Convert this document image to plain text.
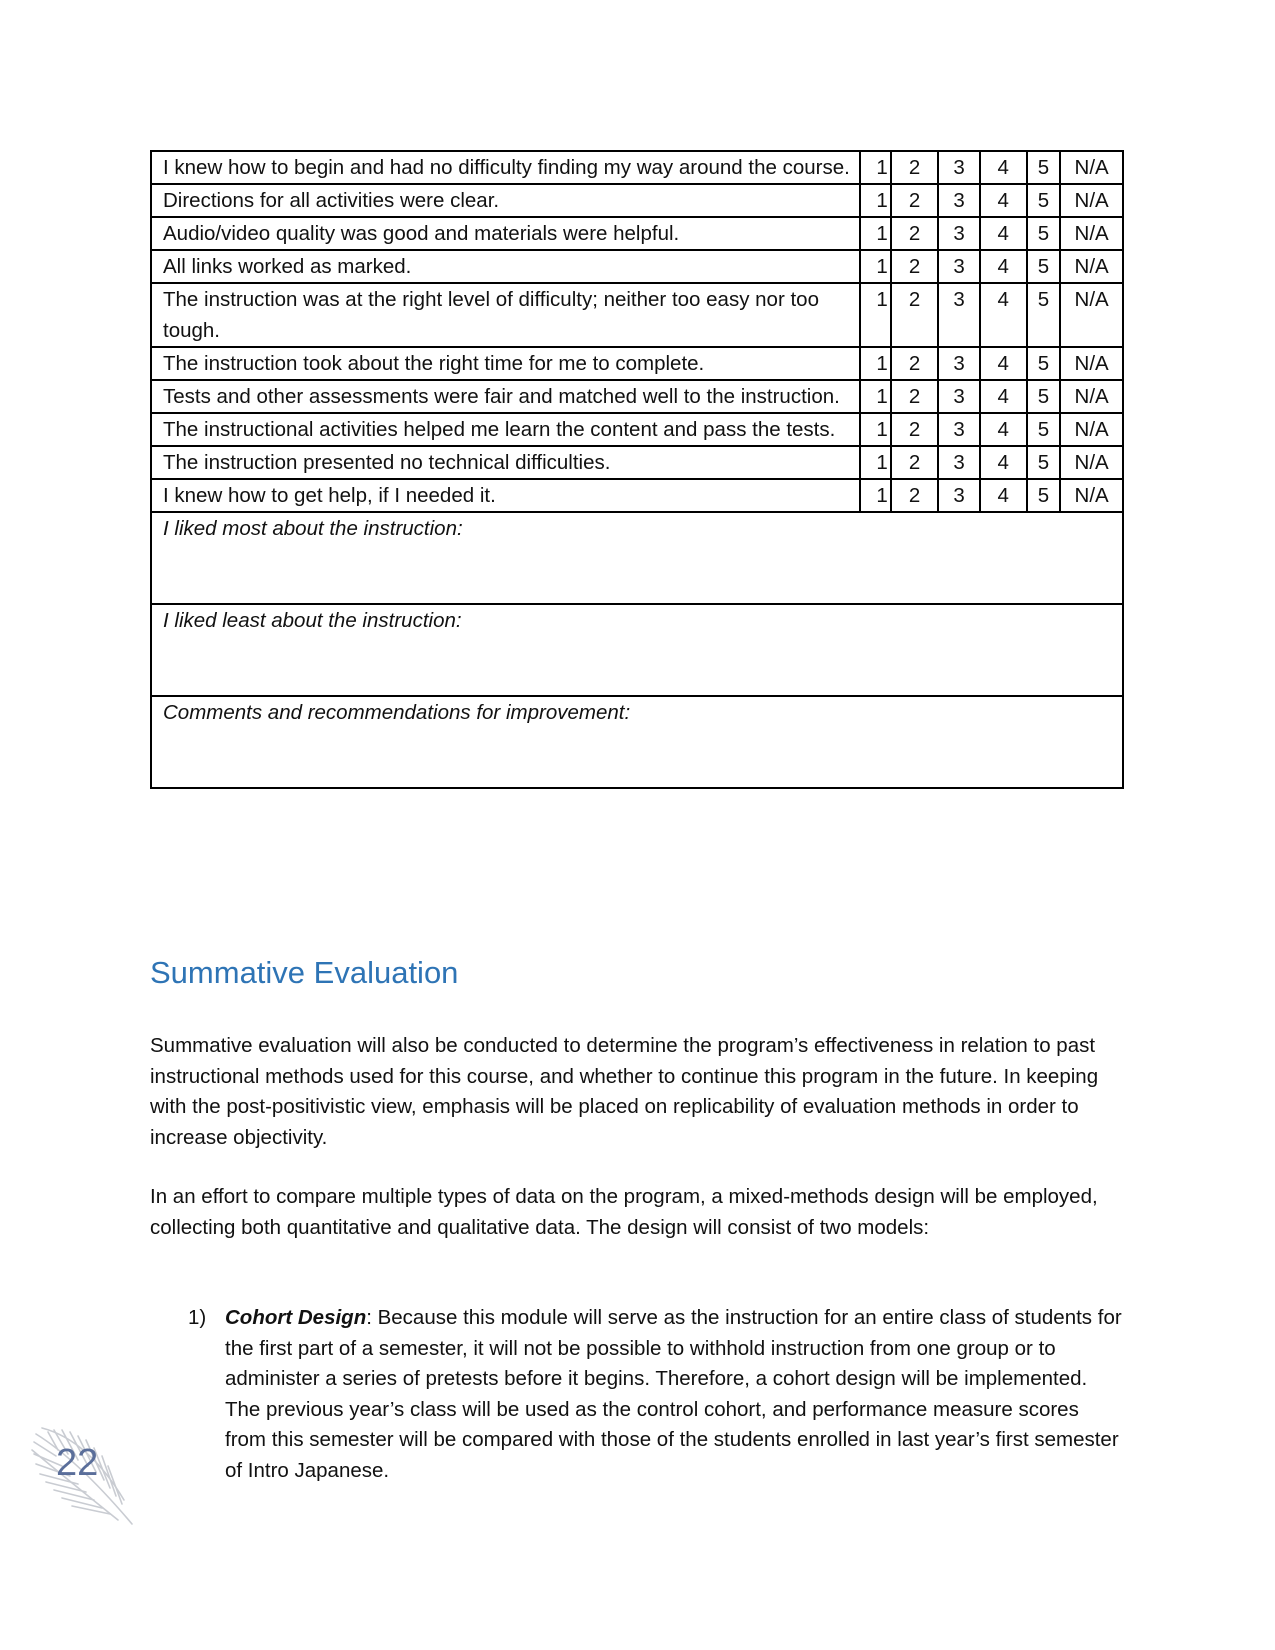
I knew how to begin and had no difficulty finding my way around the course.	1	2	3	4	5	N/A
Directions for all activities were clear.	1	2	3	4	5	N/A
Audio/video quality was good and materials were helpful.	1	2	3	4	5	N/A
All links worked as marked.	1	2	3	4	5	N/A
The instruction was at the right level of difficulty; neither too easy nor too tough.	1	2	3	4	5	N/A
The instruction took about the right time for me to complete.	1	2	3	4	5	N/A
Tests and other assessments were fair and matched well to the instruction.	1	2	3	4	5	N/A
The instructional activities helped me learn the content and pass the tests.	1	2	3	4	5	N/A
The instruction presented no technical difficulties.	1	2	3	4	5	N/A
I knew how to get help, if I needed it.	1	2	3	4	5	N/A
I liked most about the instruction:						
I liked least about the instruction:						
Comments and recommendations for improvement:						
Summative Evaluation

Summative evaluation will also be conducted to determine the program’s effectiveness in relation to past instructional methods used for this course, and whether to continue this program in the future. In keeping with the post-positivistic view, emphasis will be placed on replicability of evaluation methods in order to increase objectivity.

In an effort to compare multiple types of data on the program, a mixed-methods design will be employed, collecting both quantitative and qualitative data. The design will consist of two models:

1) Cohort Design: Because this module will serve as the instruction for an entire class of students for the first part of a semester, it will not be possible to withhold instruction from one group or to administer a series of pretests before it begins. Therefore, a cohort design will be implemented. The previous year’s class will be used as the control cohort, and performance measure scores from this semester will be compared with those of the students enrolled in last year’s first semester of Intro Japanese.
22
